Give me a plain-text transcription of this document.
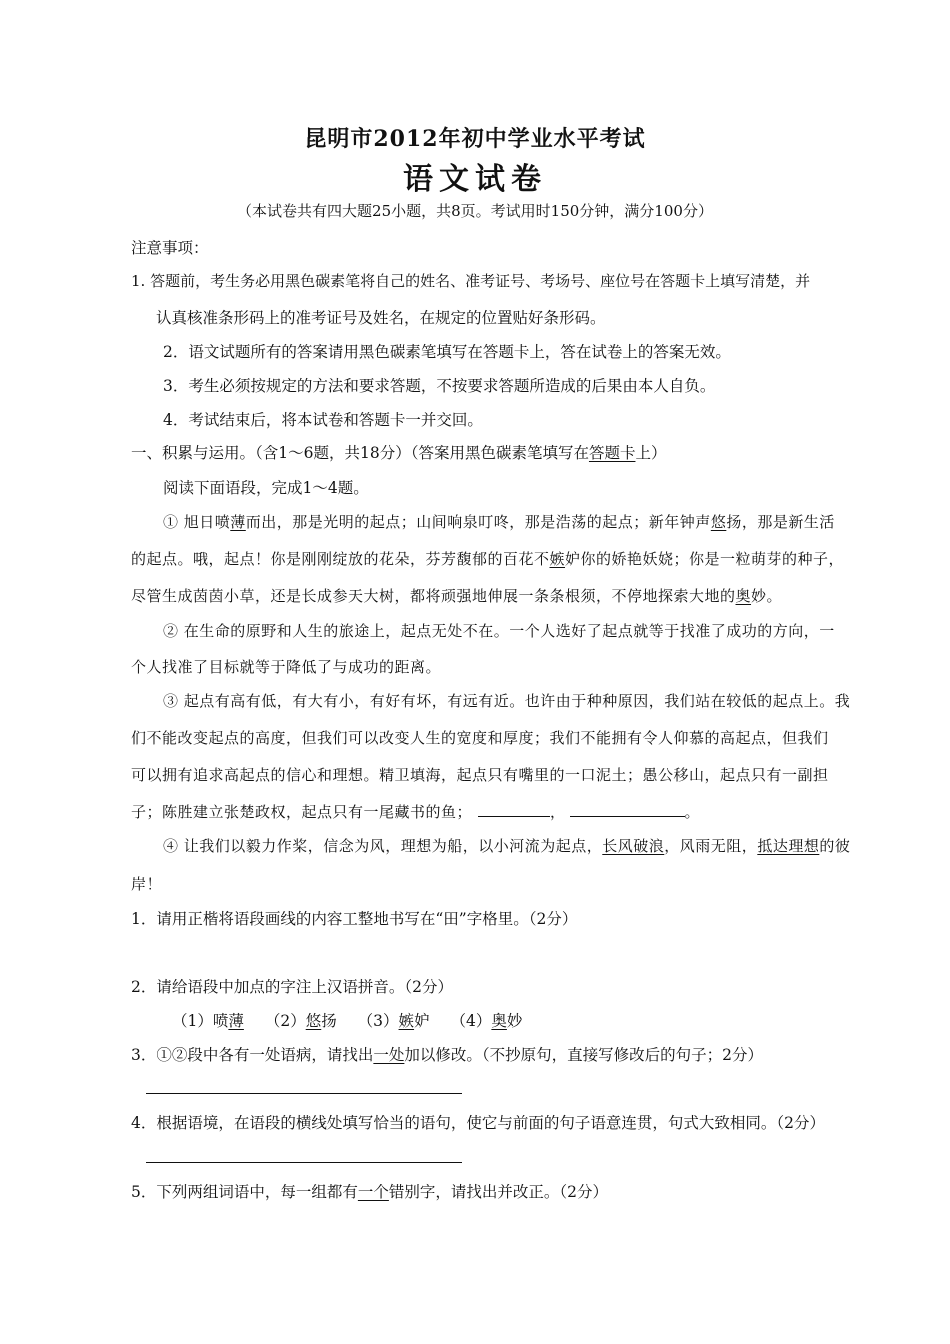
昆明市2012年初中学业水平考试
语文试卷
（本试卷共有四大题25小题，共8页。考试用时150分钟，满分100分）
注意事项：
1. 答题前，考生务必用黑色碳素笔将自己的姓名、准考证号、考场号、座位号在答题卡上填写清楚，并
认真核准条形码上的准考证号及姓名，在规定的位置贴好条形码。
2．语文试题所有的答案请用黑色碳素笔填写在答题卡上，答在试卷上的答案无效。
3．考生必须按规定的方法和要求答题，不按要求答题所造成的后果由本人自负。
4．考试结束后，将本试卷和答题卡一并交回。
一、积累与运用。（含1～6题，共18分）（答案用黑色碳素笔填写在答题卡上）
阅读下面语段，完成1～4题。
① 旭日喷薄而出，那是光明的起点；山间响泉叮咚，那是浩荡的起点；新年钟声悠扬，那是新生活
的起点。哦，起点！你是刚刚绽放的花朵，芬芳馥郁的百花不嫉妒你的娇艳妖娆；你是一粒萌芽的种子，
尽管生成茵茵小草，还是长成参天大树，都将顽强地伸展一条条根须，不停地探索大地的奥妙。
② 在生命的原野和人生的旅途上，起点无处不在。一个人选好了起点就等于找准了成功的方向，一
个人找准了目标就等于降低了与成功的距离。
③ 起点有高有低，有大有小，有好有坏，有远有近。也许由于种种原因，我们站在较低的起点上。我
们不能改变起点的高度，但我们可以改变人生的宽度和厚度；我们不能拥有令人仰慕的高起点，但我们
可以拥有追求高起点的信心和理想。精卫填海，起点只有嘴里的一口泥土；愚公移山，起点只有一副担
子；陈胜建立张楚政权，起点只有一尾藏书的鱼；	，	。
④ 让我们以毅力作桨，信念为风，理想为船，以小河流为起点，长风破浪，风雨无阻，抵达理想的彼
岸！
1．请用正楷将语段画线的内容工整地书写在“田”字格里。（2分）
2．请给语段中加点的字注上汉语拼音。（2分）
（1）喷薄 （2）悠扬 （3）嫉妒 （4）奥妙
3．①②段中各有一处语病，请找出一处加以修改。（不抄原句，直接写修改后的句子；2分）
4．根据语境，在语段的横线处填写恰当的语句，使它与前面的句子语意连贯，句式大致相同。（2分）
5．下列两组词语中，每一组都有一个错别字，请找出并改正。（2分）
